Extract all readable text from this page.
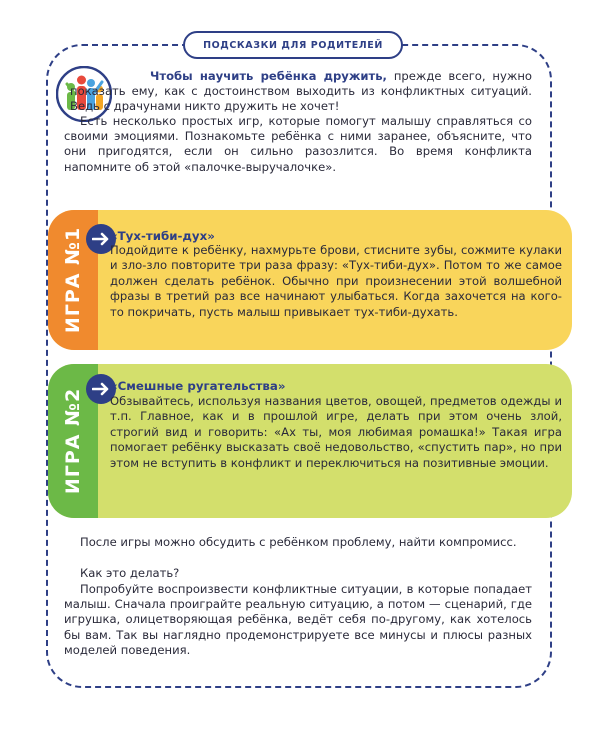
ПОДСКАЗКИ ДЛЯ РОДИТЕЛЕЙ

Чтобы научить ребёнка дружить, прежде всего, нужно показать ему, как с достоинством выходить из конфликтных ситуаций. Ведь с драчунами никто дружить не хочет!

Есть несколько простых игр, которые помогут малышу справляться со своими эмоциями. Познакомьте ребёнка с ними заранее, объясните, что они пригодятся, если он сильно разозлится. Во время конфликта напомните об этой «палочке-выручалочке».

ИГРА №1 «Тух-тиби-дух»

Подойдите к ребёнку, нахмурьте брови, стисните зубы, сожмите кулаки и зло-зло повторите три раза фразу: «Тух-тиби-дух». Потом то же самое должен сделать ребёнок. Обычно при произнесении этой волшебной фразы в третий раз все начинают улыбаться. Когда захочется на кого-то покричать, пусть малыш привыкает тух-тиби-духать.

ИГРА №2
«Смешные ругательства»

Обзывайтесь, используя названия цветов, овощей, предметов одежды и т.п. Главное, как и в прошлой игре, делать при этом очень злой, строгий вид и говорить: «Ах ты, моя любимая ромашка!» Такая игра помогает ребёнку высказать своё недовольство, «спустить пар», но при этом не вступить в конфликт и переключиться на позитивные эмоции.

После игры можно обсудить с ребёнком проблему, найти компромисс.

Как это делать?

Попробуйте воспроизвести конфликтные ситуации, в которые попадает малыш. Сначала проиграйте реальную ситуацию, а потом — сценарий, где игрушка, олицетворяющая ребёнка, ведёт себя по-другому, как хотелось бы вам. Так вы наглядно продемонстрируете все минусы и плюсы разных моделей поведения.
